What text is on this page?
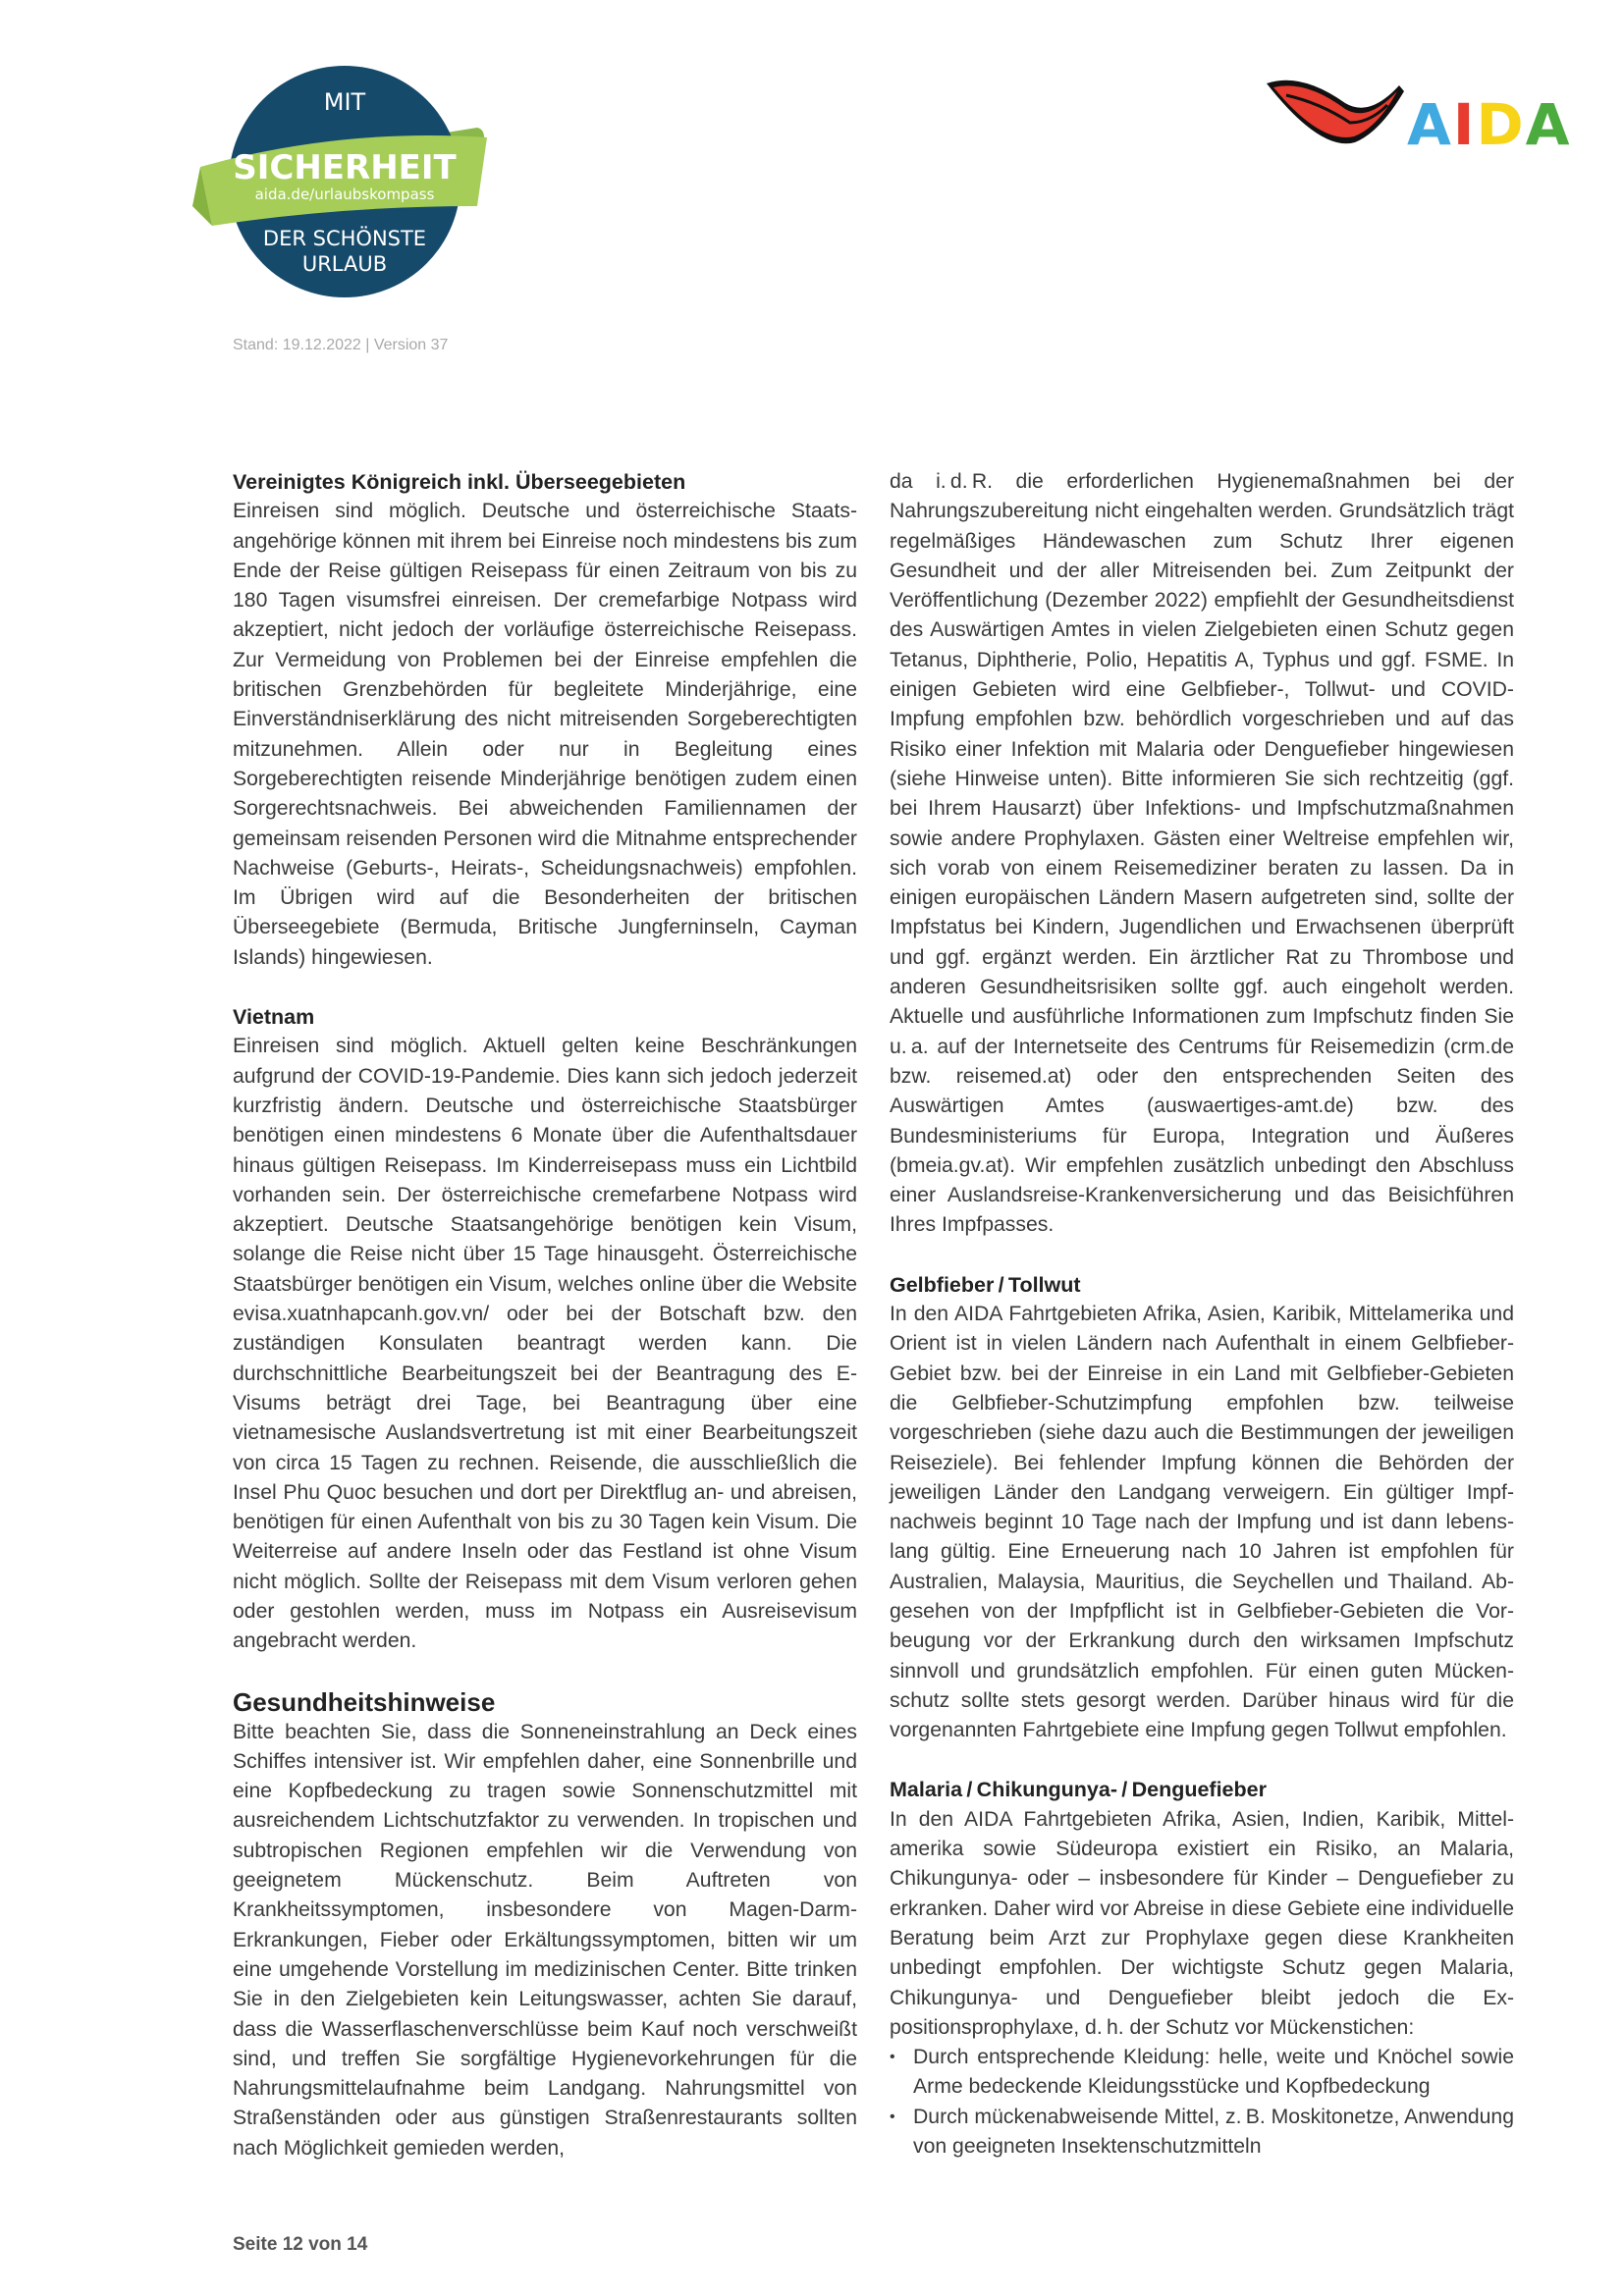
MIT
SICHERHEIT
aida.de/urlaubskompass
DER SCHÖNSTE
URLAUB
AIDA
Stand: 19.12.2022 | Version 37
Vereinigtes Königreich inkl. Überseegebieten

Einreisen sind möglich. Deutsche und österreichische Staatsangehörige können mit ihrem bei Einreise noch mindestens bis zum Ende der Reise gültigen Reisepass für einen Zeitraum von bis zu 180 Tagen visumsfrei einreisen. Der cremefarbige Notpass wird akzeptiert, nicht jedoch der vorläufige österreichische Reisepass. Zur Vermeidung von Problemen bei der Einreise empfehlen die britischen Grenzbehörden für begleitete Minderjährige, eine Einverständniserklärung des nicht mitreisenden Sorgeberechtigten mitzunehmen. Allein oder nur in Begleitung eines Sorgeberechtigten reisende Minderjährige benötigen zudem einen Sorgerechtsnachweis. Bei abweichenden Familiennamen der gemeinsam reisenden Personen wird die Mitnahme entsprechender Nachweise (Geburts-, Heirats-, Scheidungsnachweis) empfohlen. Im Übrigen wird auf die Besonderheiten der britischen Überseegebiete (Bermuda, Britische Jungferninseln, Cayman Islands) hingewiesen.

Vietnam

Einreisen sind möglich. Aktuell gelten keine Beschränkungen aufgrund der COVID-19-Pandemie. Dies kann sich jedoch jederzeit kurzfristig ändern. Deutsche und österreichische Staatsbürger benötigen einen mindestens 6 Monate über die Aufenthaltsdauer hinaus gültigen Reisepass. Im Kinderreisepass muss ein Lichtbild vorhanden sein. Der österreichische cremefarbene Notpass wird akzeptiert. Deutsche Staatsangehörige benötigen kein Visum, solange die Reise nicht über 15 Tage hinausgeht. Österreichische Staatsbürger benötigen ein Visum, welches online über die Website evisa.xuatnhapcanh.gov.vn/ oder bei der Botschaft bzw. den zuständigen Konsulaten beantragt werden kann. Die durchschnittliche Bearbeitungszeit bei der Beantragung des E-Visums beträgt drei Tage, bei Beantragung über eine vietnamesische Auslandsvertretung ist mit einer Bearbeitungszeit von circa 15 Tagen zu rechnen. Reisende, die ausschließlich die Insel Phu Quoc besuchen und dort per Direktflug an- und abreisen, benötigen für einen Aufenthalt von bis zu 30 Tagen kein Visum. Die Weiterreise auf andere Inseln oder das Festland ist ohne Visum nicht möglich. Sollte der Reisepass mit dem Visum verloren gehen oder gestohlen werden, muss im Notpass ein Ausreisevisum angebracht werden.

Gesundheitshinweise

Bitte beachten Sie, dass die Sonneneinstrahlung an Deck eines Schiffes intensiver ist. Wir empfehlen daher, eine Sonnenbrille und eine Kopfbedeckung zu tragen sowie Sonnenschutzmittel mit ausreichendem Lichtschutzfaktor zu verwenden. In tropischen und subtropischen Regionen empfehlen wir die Verwendung von geeignetem Mückenschutz. Beim Auftreten von Krankheitssymptomen, insbesondere von Magen-Darm-Erkrankungen, Fieber oder Erkältungssymptomen, bitten wir um eine umgehende Vorstellung im medizinischen Center. Bitte trinken Sie in den Zielgebieten kein Leitungswasser, achten Sie darauf, dass die Wasserflaschenverschlüsse beim Kauf noch verschweißt sind, und treffen Sie sorgfältige Hygienevorkehrungen für die Nahrungsmittelaufnahme beim Landgang. Nahrungsmittel von Straßenständen oder aus günstigen Straßenrestaurants sollten nach Möglichkeit gemieden werden,

da i. d. R. die erforderlichen Hygienemaßnahmen bei der Nahrungszubereitung nicht eingehalten werden. Grundsätzlich trägt regelmäßiges Händewaschen zum Schutz Ihrer eigenen Gesundheit und der aller Mitreisenden bei. Zum Zeitpunkt der Veröffentlichung (Dezember 2022) empfiehlt der Gesundheitsdienst des Auswärtigen Amtes in vielen Zielgebieten einen Schutz gegen Tetanus, Diphtherie, Polio, Hepatitis A, Typhus und ggf. FSME. In einigen Gebieten wird eine Gelbfieber-, Tollwut- und COVID-Impfung empfohlen bzw. behördlich vorgeschrieben und auf das Risiko einer Infektion mit Malaria oder Denguefieber hingewiesen (siehe Hinweise unten). Bitte informieren Sie sich rechtzeitig (ggf. bei Ihrem Hausarzt) über Infektions- und Impfschutzmaßnahmen sowie andere Prophylaxen. Gästen einer Weltreise empfehlen wir, sich vorab von einem Reisemediziner beraten zu lassen. Da in einigen europäischen Ländern Masern aufgetreten sind, sollte der Impfstatus bei Kindern, Jugendlichen und Erwachsenen überprüft und ggf. ergänzt werden. Ein ärztlicher Rat zu Thrombose und anderen Gesundheitsrisiken sollte ggf. auch eingeholt werden. Aktuelle und ausführliche Informationen zum Impfschutz finden Sie u. a. auf der Internetseite des Centrums für Reisemedizin (crm.de bzw. reisemed.at) oder den entsprechenden Seiten des Auswärtigen Amtes (auswaertiges-amt.de) bzw. des Bundesministeriums für Europa, Integration und Äußeres (bmeia.gv.at). Wir empfehlen zusätzlich unbedingt den Abschluss einer Auslandsreise-Krankenversicherung und das Beisichführen Ihres Impfpasses.

Gelbfieber / Tollwut

In den AIDA Fahrtgebieten Afrika, Asien, Karibik, Mittelamerika und Orient ist in vielen Ländern nach Aufenthalt in einem Gelbfieber-Gebiet bzw. bei der Einreise in ein Land mit Gelbfieber-Gebieten die Gelbfieber-Schutzimpfung empfohlen bzw. teilweise vorgeschrieben (siehe dazu auch die Bestimmungen der jeweiligen Reiseziele). Bei fehlender Impfung können die Behörden der jeweiligen Länder den Landgang verweigern. Ein gültiger Impfnachweis beginnt 10 Tage nach der Impfung und ist dann lebenslang gültig. Eine Erneuerung nach 10 Jahren ist empfohlen für Australien, Malaysia, Mauritius, die Seychellen und Thailand. Abgesehen von der Impfpflicht ist in Gelbfieber-Gebieten die Vorbeugung vor der Erkrankung durch den wirksamen Impfschutz sinnvoll und grundsätzlich empfohlen. Für einen guten Mückenschutz sollte stets gesorgt werden. Darüber hinaus wird für die vorgenannten Fahrtgebiete eine Impfung gegen Tollwut empfohlen.

Malaria / Chikungunya- / Denguefieber

In den AIDA Fahrtgebieten Afrika, Asien, Indien, Karibik, Mittelamerika sowie Südeuropa existiert ein Risiko, an Malaria, Chikungunya- oder – insbesondere für Kinder – Denguefieber zu erkranken. Daher wird vor Abreise in diese Gebiete eine individuelle Beratung beim Arzt zur Prophylaxe gegen diese Krankheiten unbedingt empfohlen. Der wichtigste Schutz gegen Malaria, Chikungunya- und Denguefieber bleibt jedoch die Expositionsprophylaxe, d. h. der Schutz vor Mückenstichen:

• Durch entsprechende Kleidung: helle, weite und Knöchel sowie Arme bedeckende Kleidungsstücke und Kopfbedeckung
• Durch mückenabweisende Mittel, z. B. Moskitonetze, Anwendung von geeigneten Insektenschutzmitteln
Seite 12 von 14
